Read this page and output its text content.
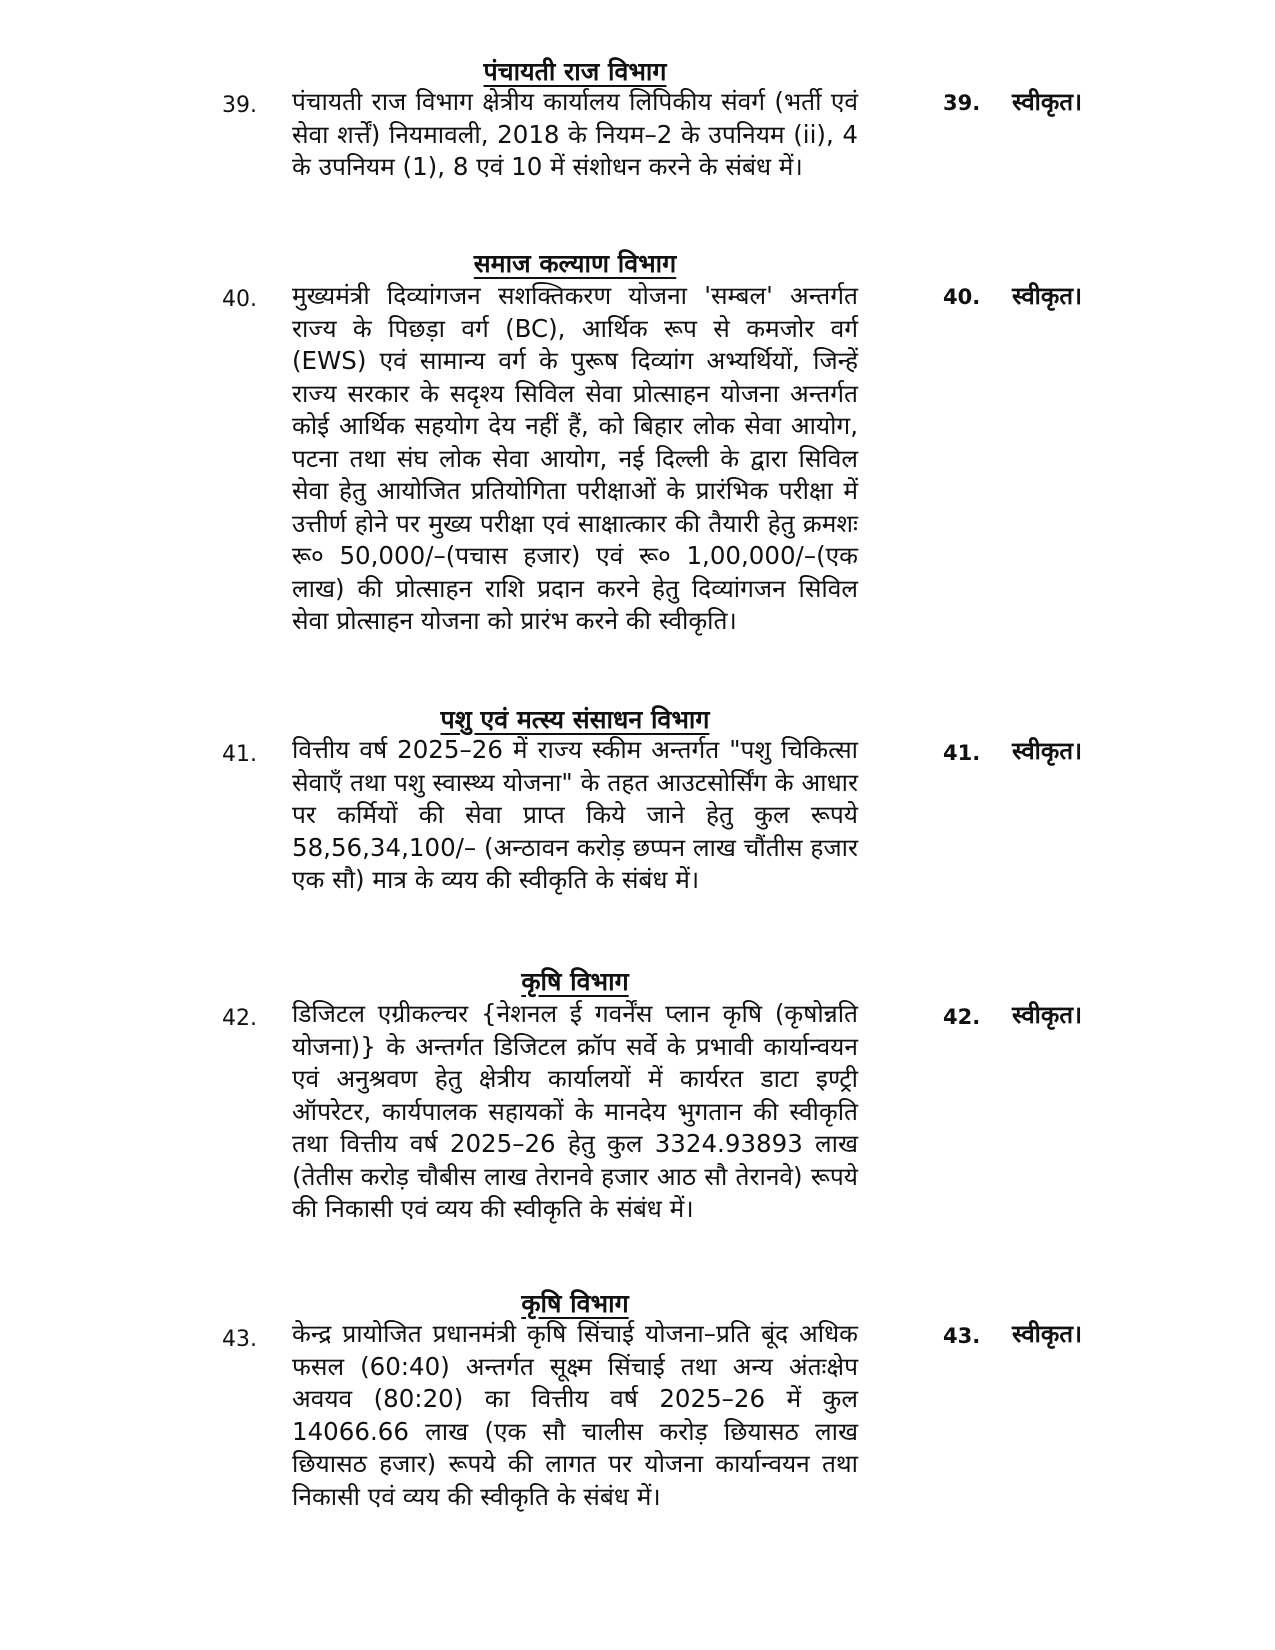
पंचायती राज विभाग
39. पंचायती राज विभाग क्षेत्रीय कार्यालय लिपिकीय संवर्ग (भर्ती एवं सेवा शर्त्तें) नियमावली, 2018 के नियम–2 के उपनियम (ii), 4 के उपनियम (1), 8 एवं 10 में संशोधन करने के संबंध में।

39. स्वीकृत।
समाज कल्याण विभाग
40. मुख्यमंत्री दिव्यांगजन सशक्तिकरण योजना 'सम्बल' अन्तर्गत राज्य के पिछड़ा वर्ग (BC), आर्थिक रूप से कमजोर वर्ग (EWS) एवं सामान्य वर्ग के पुरूष दिव्यांग अभ्यर्थियों, जिन्हें राज्य सरकार के सदृश्य सिविल सेवा प्रोत्साहन योजना अन्तर्गत कोई आर्थिक सहयोग देय नहीं हैं, को बिहार लोक सेवा आयोग, पटना तथा संघ लोक सेवा आयोग, नई दिल्ली के द्वारा सिविल सेवा हेतु आयोजित प्रतियोगिता परीक्षाओं के प्रारंभिक परीक्षा में उत्तीर्ण होने पर मुख्य परीक्षा एवं साक्षात्कार की तैयारी हेतु क्रमशः रू० 50,000/–(पचास हजार) एवं रू० 1,00,000/–(एक लाख) की प्रोत्साहन राशि प्रदान करने हेतु दिव्यांगजन सिविल सेवा प्रोत्साहन योजना को प्रारंभ करने की स्वीकृति।

40. स्वीकृत।
पशु एवं मत्स्य संसाधन विभाग
41. वित्तीय वर्ष 2025–26 में राज्य स्कीम अन्तर्गत "पशु चिकित्सा सेवाएँ तथा पशु स्वास्थ्य योजना" के तहत आउटसोर्सिंग के आधार पर कर्मियों की सेवा प्राप्त किये जाने हेतु कुल रूपये 58,56,34,100/– (अन्ठावन करोड़ छप्पन लाख चौंतीस हजार एक सौ) मात्र के व्यय की स्वीकृति के संबंध में।

41. स्वीकृत।
कृषि विभाग
42. डिजिटल एग्रीकल्चर {नेशनल ई गवर्नेंस प्लान कृषि (कृषोन्नति योजना)} के अन्तर्गत डिजिटल क्रॉप सर्वे के प्रभावी कार्यान्वयन एवं अनुश्रवण हेतु क्षेत्रीय कार्यालयों में कार्यरत डाटा इण्ट्री ऑपरेटर, कार्यपालक सहायकों के मानदेय भुगतान की स्वीकृति तथा वित्तीय वर्ष 2025–26 हेतु कुल 3324.93893 लाख (तेतीस करोड़ चौबीस लाख तेरानवे हजार आठ सौ तेरानवे) रूपये की निकासी एवं व्यय की स्वीकृति के संबंध में।

42. स्वीकृत।
कृषि विभाग
43. केन्द्र प्रायोजित प्रधानमंत्री कृषि सिंचाई योजना–प्रति बूंद अधिक फसल (60:40) अन्तर्गत सूक्ष्म सिंचाई तथा अन्य अंतःक्षेप अवयव (80:20) का वित्तीय वर्ष 2025–26 में कुल 14066.66 लाख (एक सौ चालीस करोड़ छियासठ लाख छियासठ हजार) रूपये की लागत पर योजना कार्यान्वयन तथा निकासी एवं व्यय की स्वीकृति के संबंध में।

43. स्वीकृत।
